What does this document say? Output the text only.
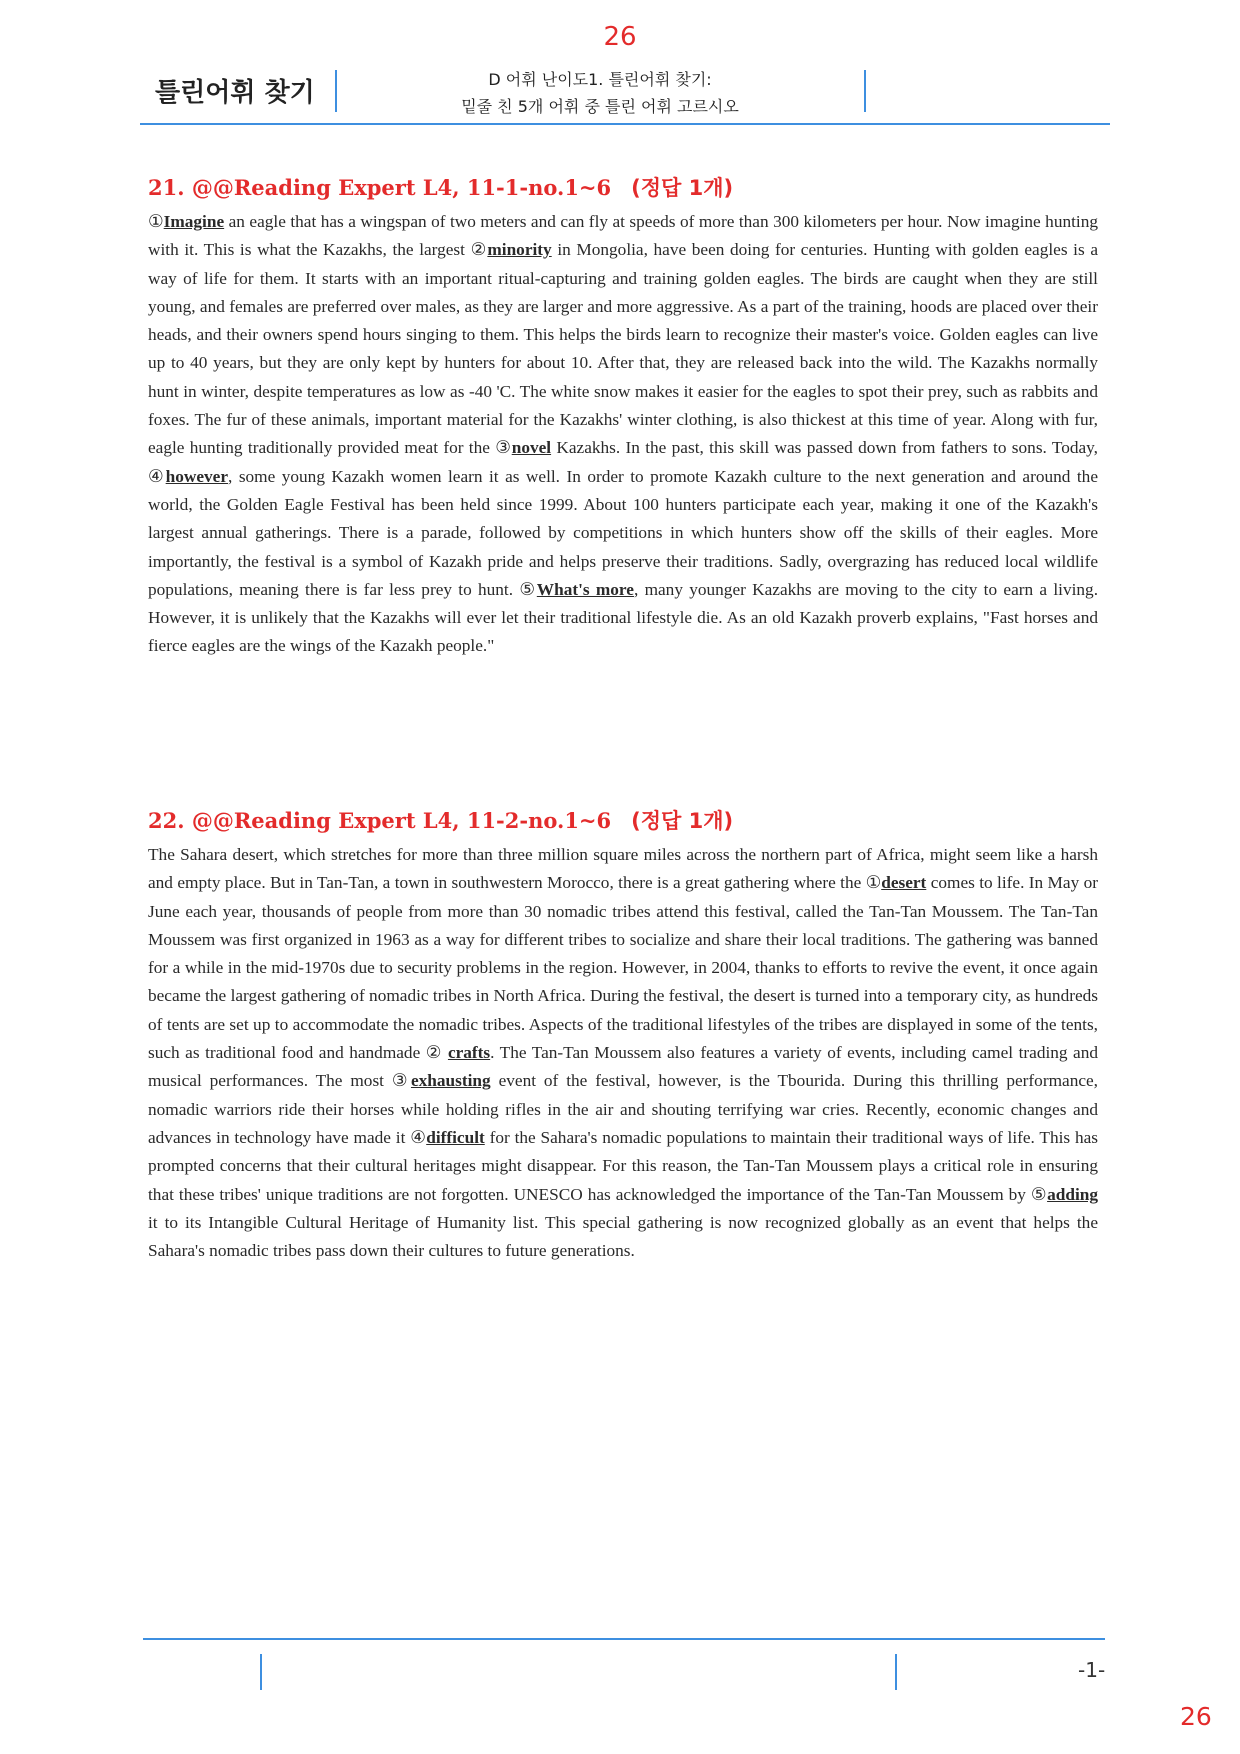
26
틀린어휘 찾기	D 어휘 난이도1. 틀린어휘 찾기:
밑줄 친 5개 어휘 중 틀린 어휘 고르시오
21. @@Reading Expert L4, 11-1-no.1~6 (정답 1개)

①Imagine an eagle that has a wingspan of two meters and can fly at speeds of more than 300 kilometers per hour. Now imagine hunting with it. This is what the Kazakhs, the largest ②minority in Mongolia, have been doing for centuries. Hunting with golden eagles is a way of life for them. It starts with an important ritual-capturing and training golden eagles. The birds are caught when they are still young, and females are preferred over males, as they are larger and more aggressive. As a part of the training, hoods are placed over their heads, and their owners spend hours singing to them. This helps the birds learn to recognize their master's voice. Golden eagles can live up to 40 years, but they are only kept by hunters for about 10. After that, they are released back into the wild. The Kazakhs normally hunt in winter, despite temperatures as low as -40 'C. The white snow makes it easier for the eagles to spot their prey, such as rabbits and foxes. The fur of these animals, important material for the Kazakhs' winter clothing, is also thickest at this time of year. Along with fur, eagle hunting traditionally provided meat for the ③novel Kazakhs. In the past, this skill was passed down from fathers to sons. Today, ④however, some young Kazakh women learn it as well. In order to promote Kazakh culture to the next generation and around the world, the Golden Eagle Festival has been held since 1999. About 100 hunters participate each year, making it one of the Kazakh's largest annual gatherings. There is a parade, followed by competitions in which hunters show off the skills of their eagles. More importantly, the festival is a symbol of Kazakh pride and helps preserve their traditions. Sadly, overgrazing has reduced local wildlife populations, meaning there is far less prey to hunt. ⑤What's more, many younger Kazakhs are moving to the city to earn a living. However, it is unlikely that the Kazakhs will ever let their traditional lifestyle die. As an old Kazakh proverb explains, "Fast horses and fierce eagles are the wings of the Kazakh people."

22. @@Reading Expert L4, 11-2-no.1~6 (정답 1개)

The Sahara desert, which stretches for more than three million square miles across the northern part of Africa, might seem like a harsh and empty place. But in Tan-Tan, a town in southwestern Morocco, there is a great gathering where the ①desert comes to life. In May or June each year, thousands of people from more than 30 nomadic tribes attend this festival, called the Tan-Tan Moussem. The Tan-Tan Moussem was first organized in 1963 as a way for different tribes to socialize and share their local traditions. The gathering was banned for a while in the mid-1970s due to security problems in the region. However, in 2004, thanks to efforts to revive the event, it once again became the largest gathering of nomadic tribes in North Africa. During the festival, the desert is turned into a temporary city, as hundreds of tents are set up to accommodate the nomadic tribes. Aspects of the traditional lifestyles of the tribes are displayed in some of the tents, such as traditional food and handmade ② crafts. The Tan-Tan Moussem also features a variety of events, including camel trading and musical performances. The most ③exhausting event of the festival, however, is the Tbourida. During this thrilling performance, nomadic warriors ride their horses while holding rifles in the air and shouting terrifying war cries. Recently, economic changes and advances in technology have made it ④difficult for the Sahara's nomadic populations to maintain their traditional ways of life. This has prompted concerns that their cultural heritages might disappear. For this reason, the Tan-Tan Moussem plays a critical role in ensuring that these tribes' unique traditions are not forgotten. UNESCO has acknowledged the importance of the Tan-Tan Moussem by ⑤adding it to its Intangible Cultural Heritage of Humanity list. This special gathering is now recognized globally as an event that helps the Sahara's nomadic tribes pass down their cultures to future generations.

-1-
26
